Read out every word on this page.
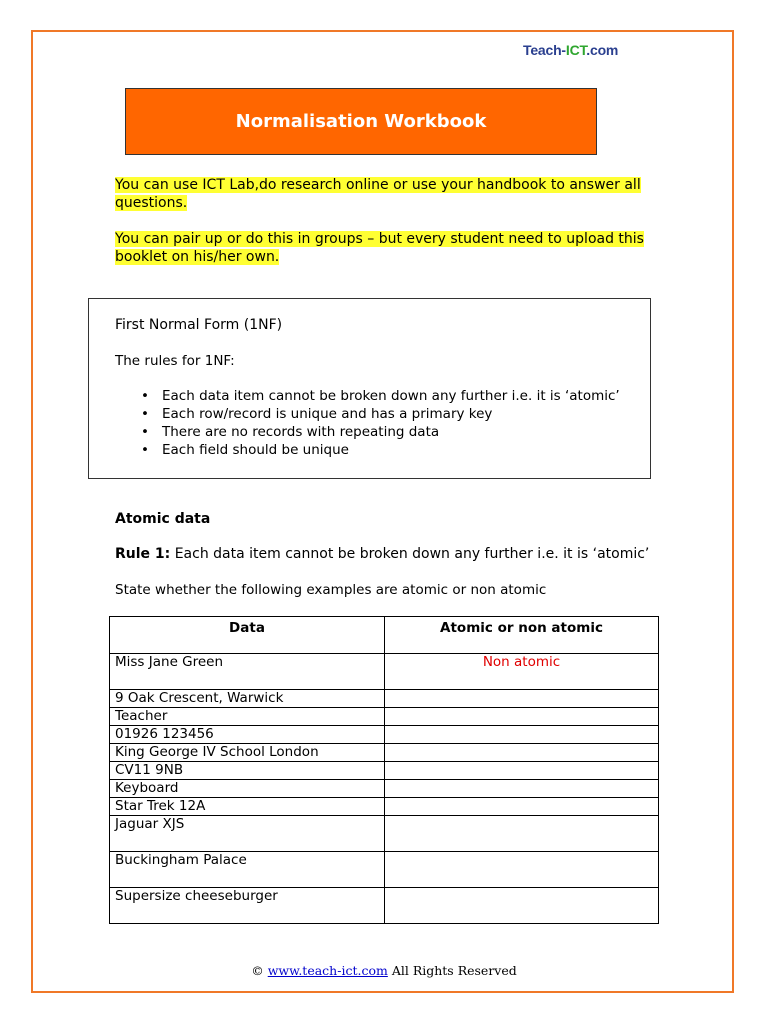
Teach-ICT.com
Normalisation Workbook
You can use ICT Lab,do research online or use your handbook to answer all questions.
You can pair up or do this in groups – but every student need to upload this booklet on his/her own.
First Normal Form (1NF)
The rules for 1NF:
• Each data item cannot be broken down any further i.e. it is ‘atomic’
• Each row/record is unique and has a primary key
• There are no records with repeating data
• Each field should be unique
Atomic data
Rule 1: Each data item cannot be broken down any further i.e. it is ‘atomic’
State whether the following examples are atomic or non atomic
Data	Atomic or non atomic
Miss Jane Green	Non atomic
9 Oak Crescent, Warwick	
Teacher	
01926 123456	
King George IV School London	
CV11 9NB	
Keyboard	
Star Trek 12A	
Jaguar XJS	
Buckingham Palace	
Supersize cheeseburger	
© www.teach-ict.com All Rights Reserved
